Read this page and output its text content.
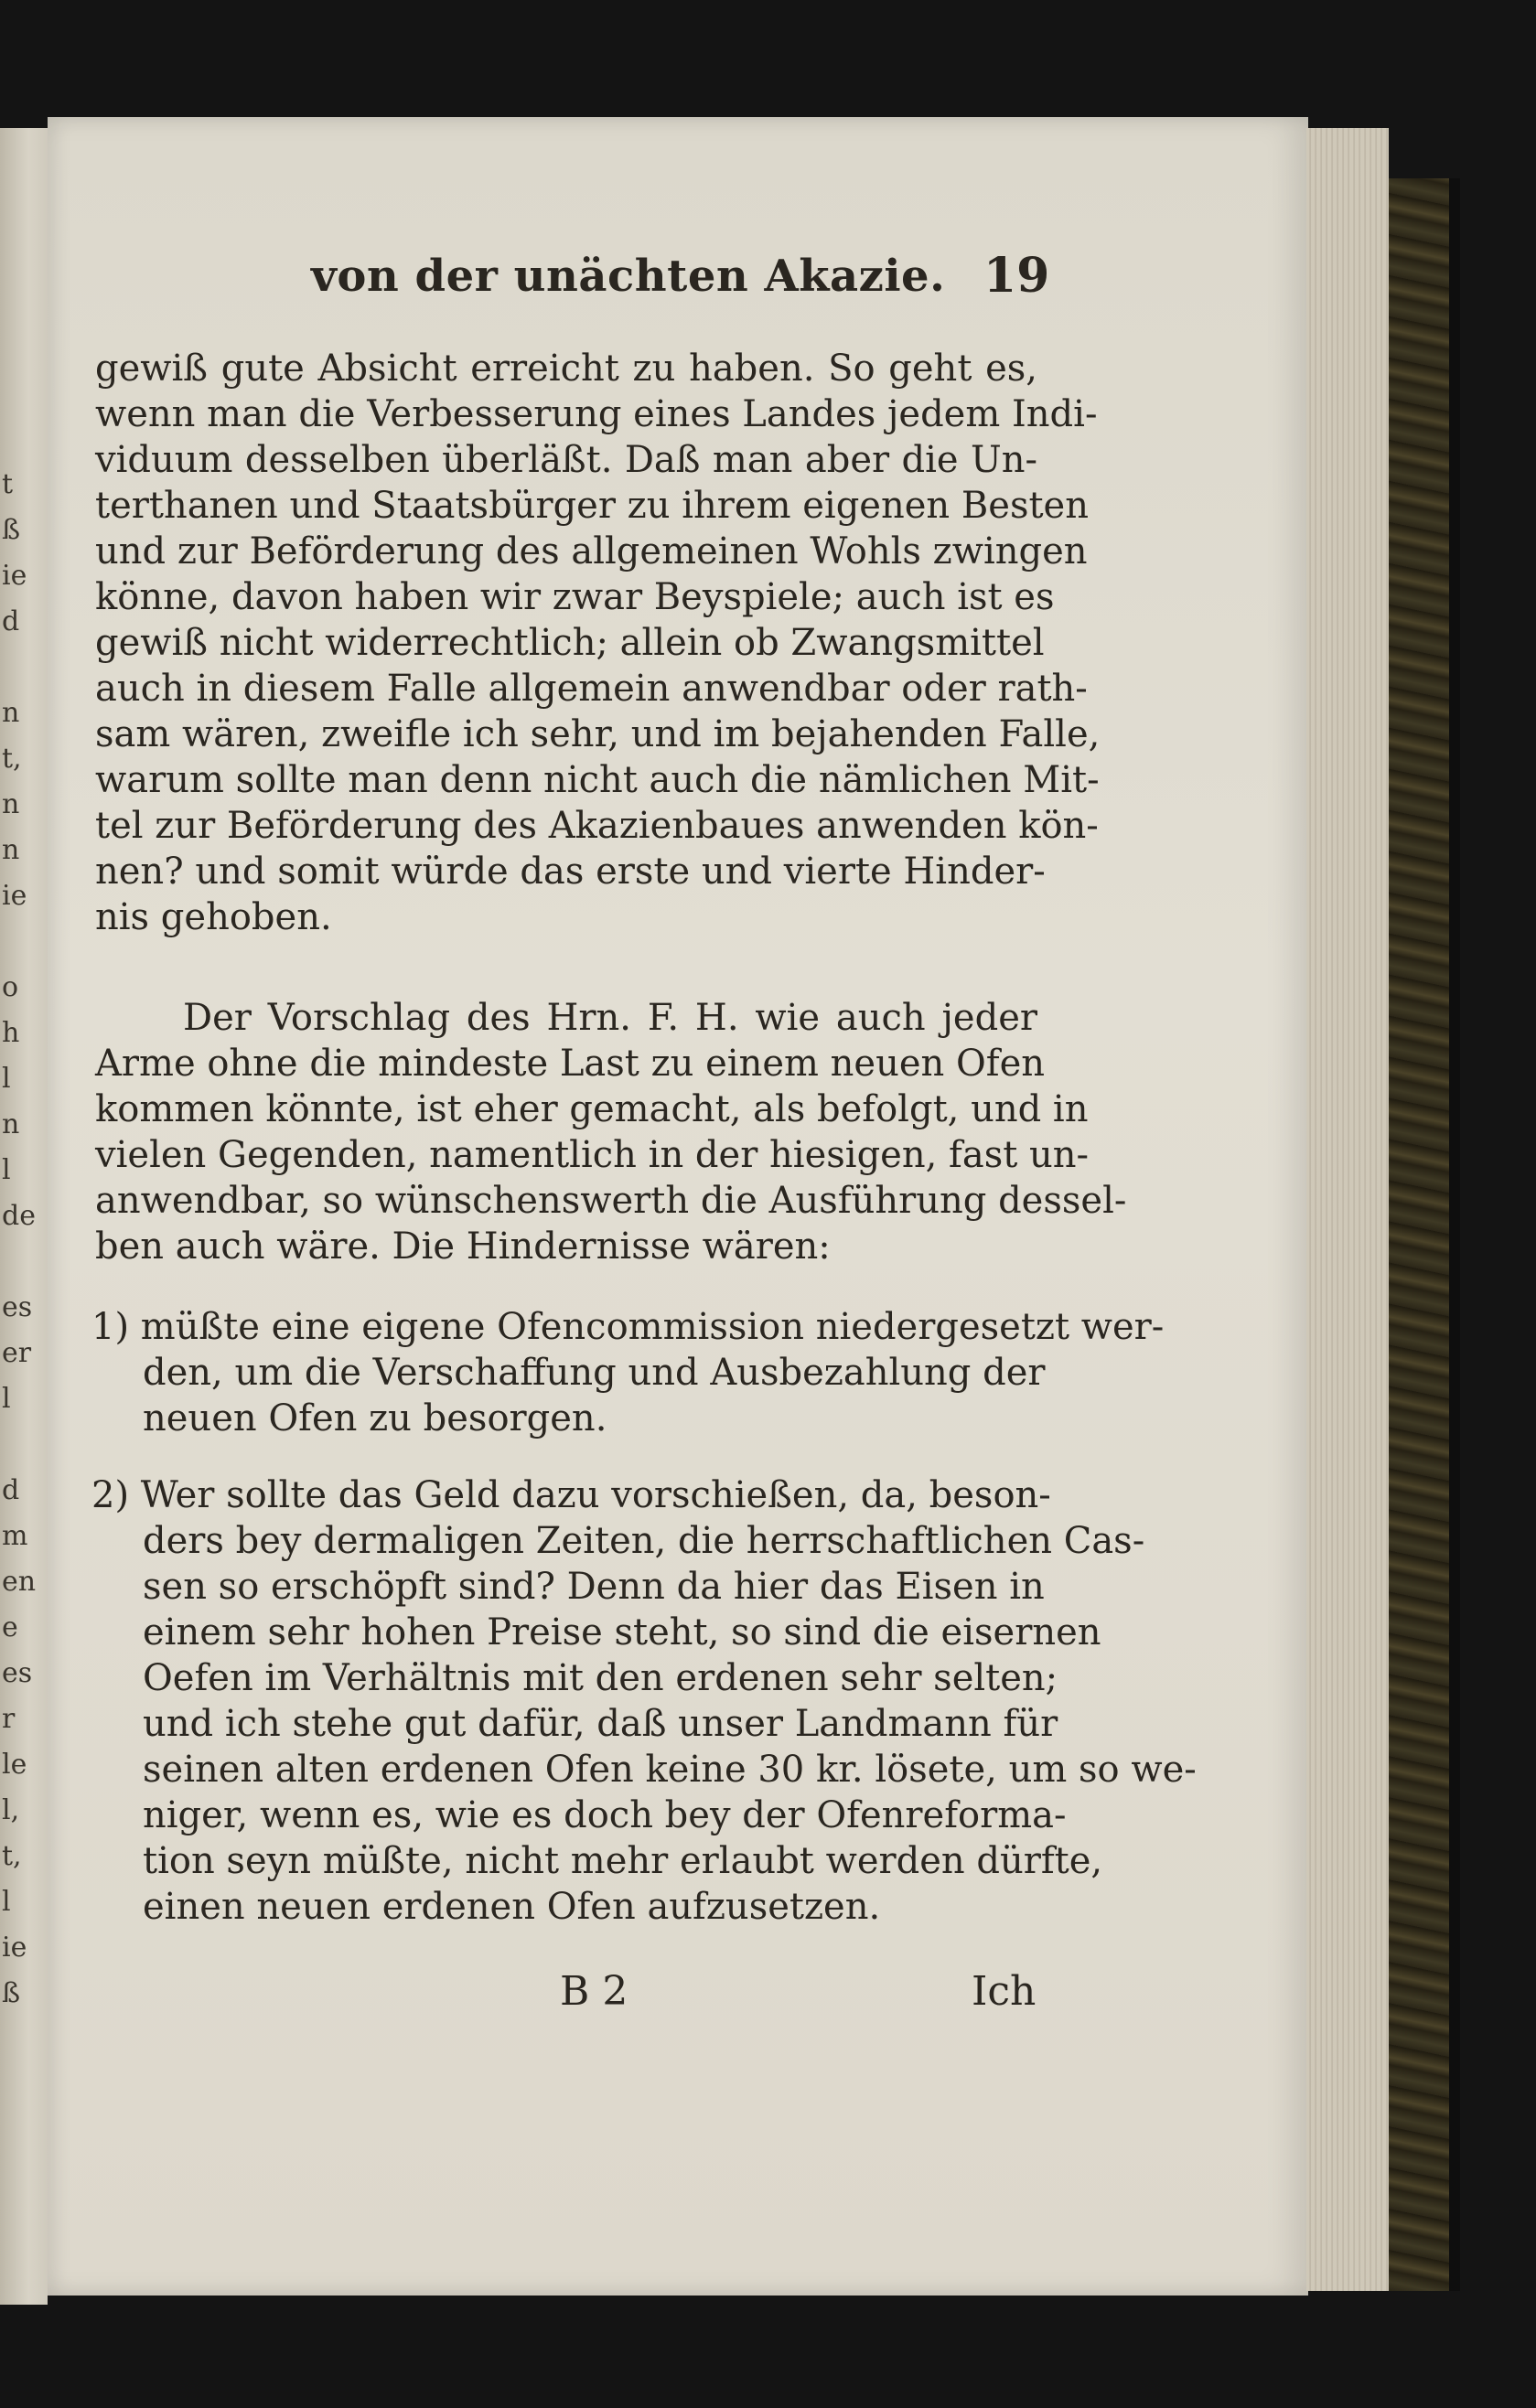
t
ß
ie
d
n
t,
n
n
ie
o
h
l
n
l
de
es
er
l
d
m
en
e
es
r
le
l,
t,
l
ie
ß
von der unächten Akazie. 19
gewiß gute Absicht erreicht zu haben. So geht es,
wenn man die Verbesserung eines Landes jedem Indi-
viduum desselben überläßt. Daß man aber die Un-
terthanen und Staatsbürger zu ihrem eigenen Besten
und zur Beförderung des allgemeinen Wohls zwingen
könne, davon haben wir zwar Beyspiele; auch ist es
gewiß nicht widerrechtlich; allein ob Zwangsmittel
auch in diesem Falle allgemein anwendbar oder rath-
sam wären, zweifle ich sehr, und im bejahenden Falle,
warum sollte man denn nicht auch die nämlichen Mit-
tel zur Beförderung des Akazienbaues anwenden kön-
nen? und somit würde das erste und vierte Hinder-
nis gehoben.
Der Vorschlag des Hrn. F. H. wie auch jeder
Arme ohne die mindeste Last zu einem neuen Ofen
kommen könnte, ist eher gemacht, als befolgt, und in
vielen Gegenden, namentlich in der hiesigen, fast un-
anwendbar, so wünschenswerth die Ausführung dessel-
ben auch wäre. Die Hindernisse wären:
1) müßte eine eigene Ofencommission niedergesetzt wer-
den, um die Verschaffung und Ausbezahlung der
neuen Ofen zu besorgen.
2) Wer sollte das Geld dazu vorschießen, da, beson-
ders bey dermaligen Zeiten, die herrschaftlichen Cas-
sen so erschöpft sind? Denn da hier das Eisen in
einem sehr hohen Preise steht, so sind die eisernen
Oefen im Verhältnis mit den erdenen sehr selten;
und ich stehe gut dafür, daß unser Landmann für
seinen alten erdenen Ofen keine 30 kr. lösete, um so we-
niger, wenn es, wie es doch bey der Ofenreforma-
tion seyn müßte, nicht mehr erlaubt werden dürfte,
einen neuen erdenen Ofen aufzusetzen.
B 2	Ich
